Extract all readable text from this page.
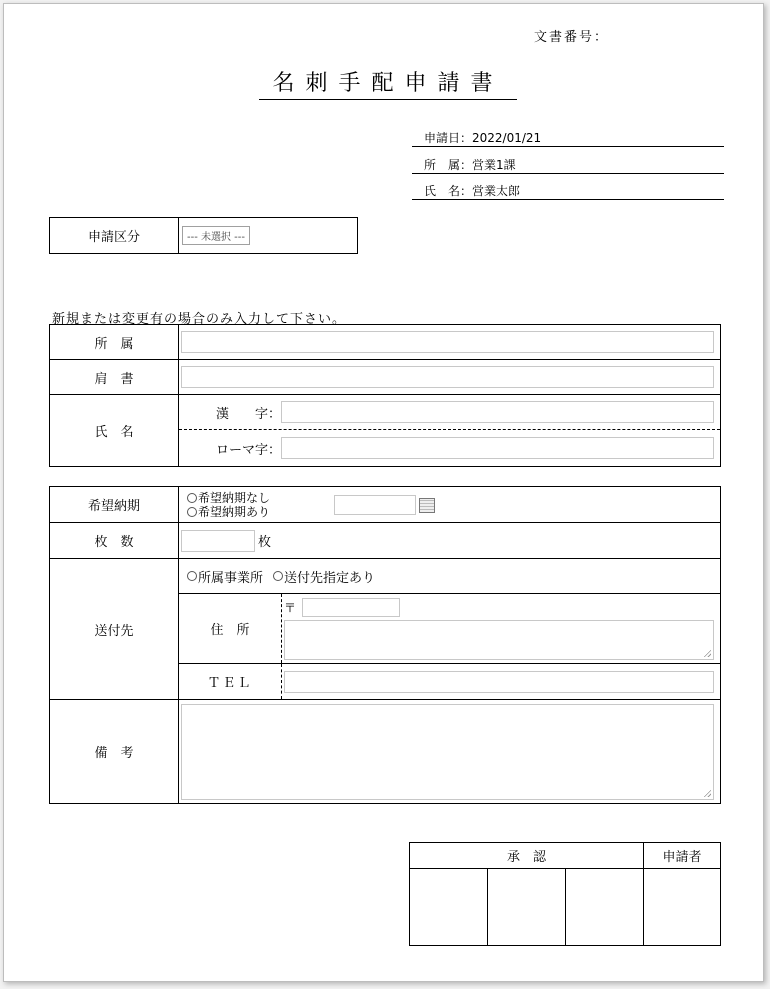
文書番号：
名刺手配申請書
申請日：2022/01/21
所　属：営業1課
氏　名：営業太郎
申請区分	--- 未選択 ---
新規または変更有の場合のみ入力して下さい。
所　属	

肩　書	

氏　名	漢　　字：
ローマ字：
希望納期	希望納期なし
希望納期あり

枚　数	枚

送付先	所属事業所 送付先指定あり
住　所
〒
ＴＥＬ

備　考	
承　認			申請者
